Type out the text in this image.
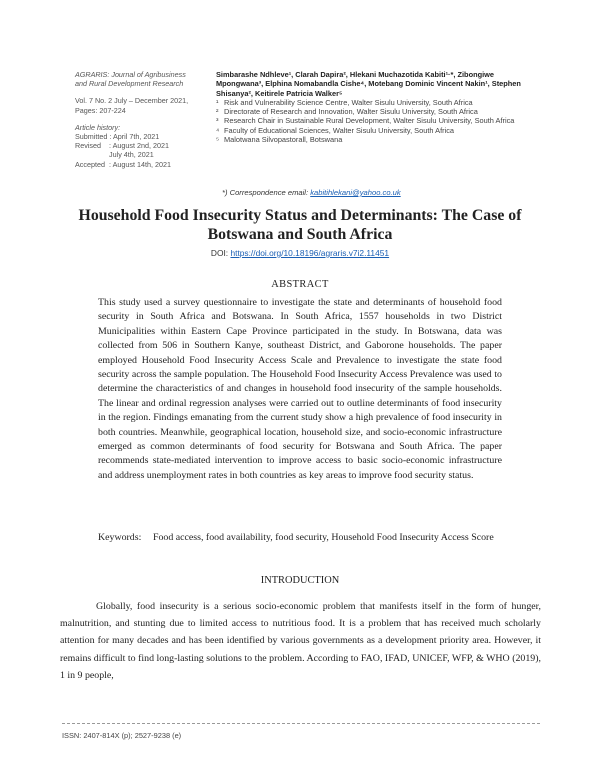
AGRARIS: Journal of Agribusiness
and Rural Development Research
Vol. 7 No. 2 July – December 2021,
Pages: 207-224
Article history:
Submitted : April 7th, 2021
Revised	: August 2nd, 2021
July 4th, 2021
Accepted : August 14th, 2021
Simbarashe Ndhleve¹, Clarah Dapira², Hlekani Muchazotida Kabiti¹·*, Zibongiwe Mpongwana³, Elphina Nomabandla Cishe⁴, Motebang Dominic Vincent Nakin¹, Stephen Shisanya², Keitirele Patricia Walker⁵
¹ Risk and Vulnerability Science Centre, Walter Sisulu University, South Africa
² Directorate of Research and Innovation, Walter Sisulu University, South Africa
³ Research Chair in Sustainable Rural Development, Walter Sisulu University, South Africa
⁴ Faculty of Educational Sciences, Walter Sisulu University, South Africa
⁵ Malotwana Silvopastorall, Botswana
*) Correspondence email: kabitihlekani@yahoo.co.uk
Household Food Insecurity Status and Determinants: The Case of Botswana and South Africa
DOI: https://doi.org/10.18196/agraris.v7i2.11451
ABSTRACT
This study used a survey questionnaire to investigate the state and determinants of household food security in South Africa and Botswana. In South Africa, 1557 households in two District Municipalities within Eastern Cape Province participated in the study. In Botswana, data was collected from 506 in Southern Kanye, southeast District, and Gaborone households. The paper employed Household Food Insecurity Access Scale and Prevalence to investigate the state food security across the sample population. The Household Food Insecurity Access Prevalence was used to determine the characteristics of and changes in household food insecurity of the sample households. The linear and ordinal regression analyses were carried out to outline determinants of food insecurity in the region. Findings emanating from the current study show a high prevalence of food insecurity in both countries. Meanwhile, geographical location, household size, and socio-economic infrastructure emerged as common determinants of food security for Botswana and South Africa. The paper recommends state-mediated intervention to improve access to basic socio-economic infrastructure and address unemployment rates in both countries as key areas to improve food security status.
Keywords:	Food access, food availability, food security, Household Food Insecurity Access Score
INTRODUCTION
Globally, food insecurity is a serious socio-economic problem that manifests itself in the form of hunger, malnutrition, and stunting due to limited access to nutritious food. It is a problem that has received much scholarly attention for many decades and has been identified by various governments as a development priority area. However, it remains difficult to find long-lasting solutions to the problem. According to FAO, IFAD, UNICEF, WFP, & WHO (2019), 1 in 9 people,
ISSN: 2407-814X (p); 2527-9238 (e)
